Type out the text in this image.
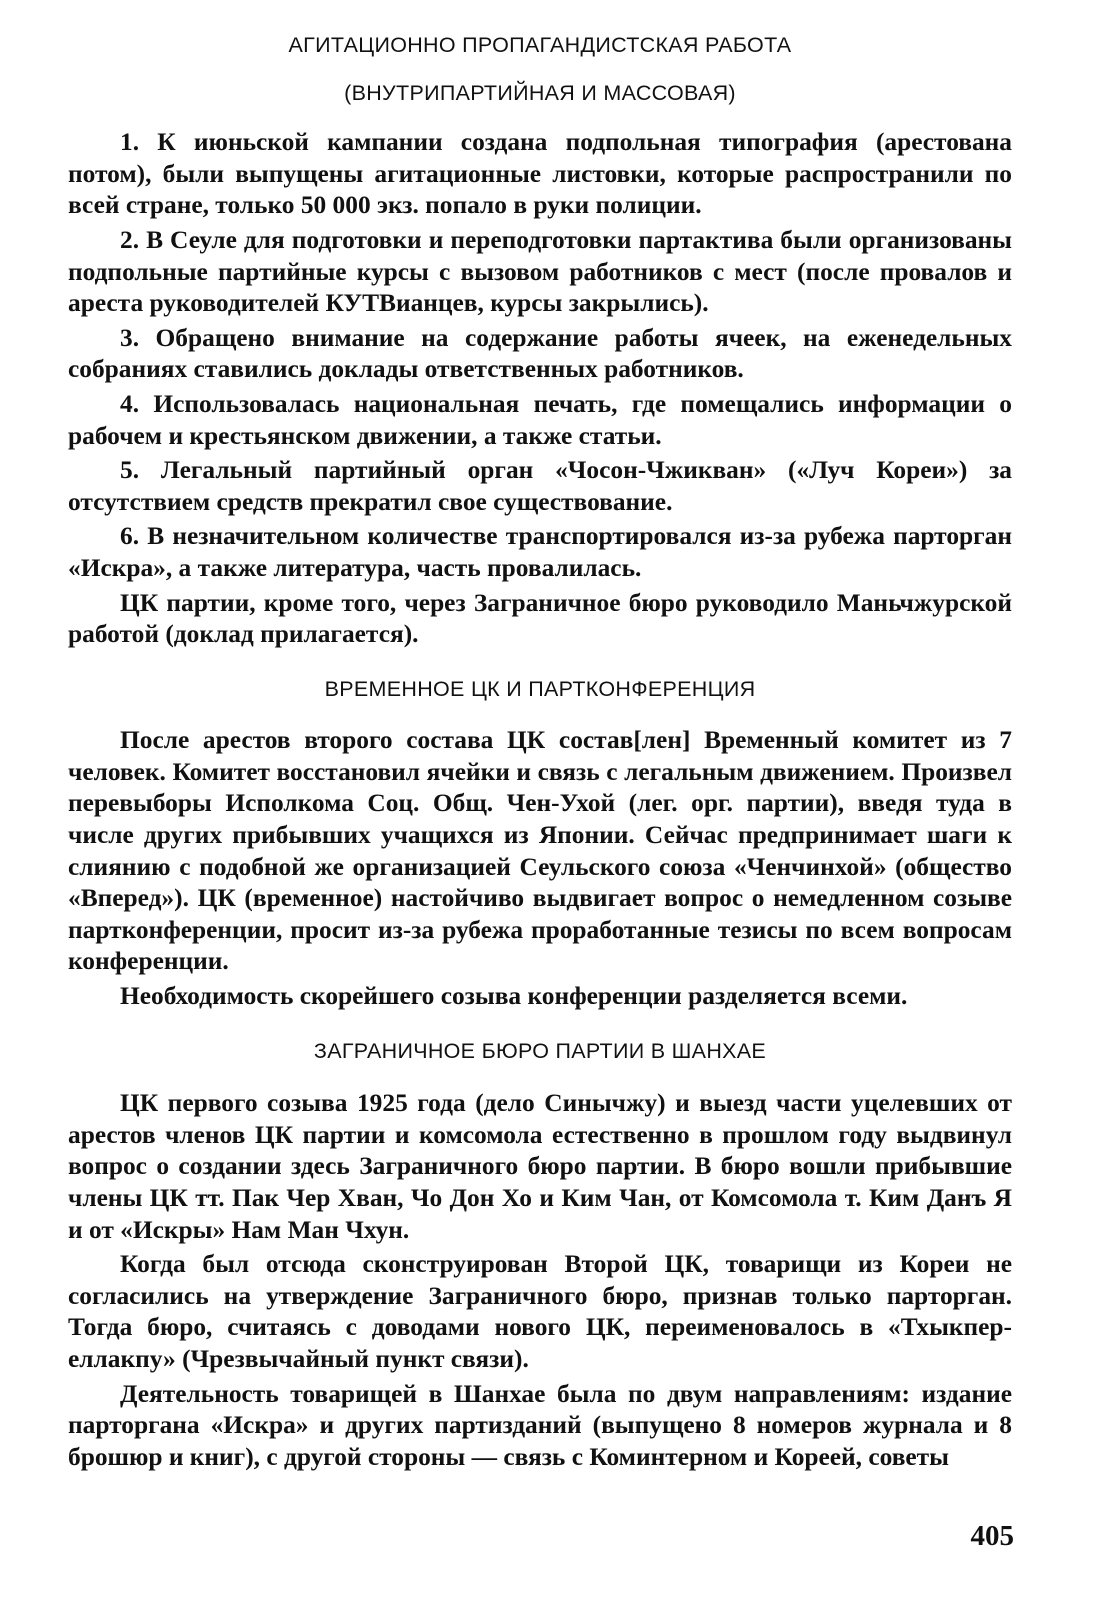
АГИТАЦИОННО ПРОПАГАНДИСТСКАЯ РАБОТА
(ВНУТРИПАРТИЙНАЯ И МАССОВАЯ)

1. К июньской кампании создана подпольная типография (арестована потом), были выпущены агитационные листовки, которые распространили по всей стране, только 50 000 экз. попало в руки полиции.

2. В Сеуле для подготовки и переподготовки партактива были организованы подпольные партийные курсы с вызовом работников с мест (после провалов и ареста руководителей КУТВианцев, курсы закрылись).

3. Обращено внимание на содержание работы ячеек, на еженедельных собраниях ставились доклады ответственных работников.

4. Использовалась национальная печать, где помещались информации о рабочем и крестьянском движении, а также статьи.

5. Легальный партийный орган «Чосон-Чжикван» («Луч Кореи») за отсутствием средств прекратил свое существование.

6. В незначительном количестве транспортировался из-за рубежа парторган «Искра», а также литература, часть провалилась.

ЦК партии, кроме того, через Заграничное бюро руководило Маньчжурской работой (доклад прилагается).

ВРЕМЕННОЕ ЦК И ПАРТКОНФЕРЕНЦИЯ

После арестов второго состава ЦК состав[лен] Временный комитет из 7 человек. Комитет восстановил ячейки и связь с легальным движением. Произвел перевыборы Исполкома Соц. Общ. Чен-Ухой (лег. орг. партии), введя туда в числе других прибывших учащихся из Японии. Сейчас предпринимает шаги к слиянию с подобной же организацией Сеульского союза «Ченчинхой» (общество «Вперед»). ЦК (временное) настойчиво выдвигает вопрос о немедленном созыве партконференции, просит из-за рубежа проработанные тезисы по всем вопросам конференции.

Необходимость скорейшего созыва конференции разделяется всеми.

ЗАГРАНИЧНОЕ БЮРО ПАРТИИ В ШАНХАЕ

ЦК первого созыва 1925 года (дело Синычжу) и выезд части уцелевших от арестов членов ЦК партии и комсомола естественно в прошлом году выдвинул вопрос о создании здесь Заграничного бюро партии. В бюро вошли прибывшие члены ЦК тт. Пак Чер Хван, Чо Дон Хо и Ким Чан, от Комсомола т. Ким Данъ Я и от «Искры» Нам Ман Чхун.

Когда был отсюда сконструирован Второй ЦК, товарищи из Кореи не согласились на утверждение Заграничного бюро, признав только парторган. Тогда бюро, считаясь с доводами нового ЦК, переименовалось в «Тхыкпер-еллакпу» (Чрезвычайный пункт связи).

Деятельность товарищей в Шанхае была по двум направлениям: издание парторгана «Искра» и других партизданий (выпущено 8 номеров журнала и 8 брошюр и книг), с другой стороны — связь с Коминтерном и Кореей, советы

405
